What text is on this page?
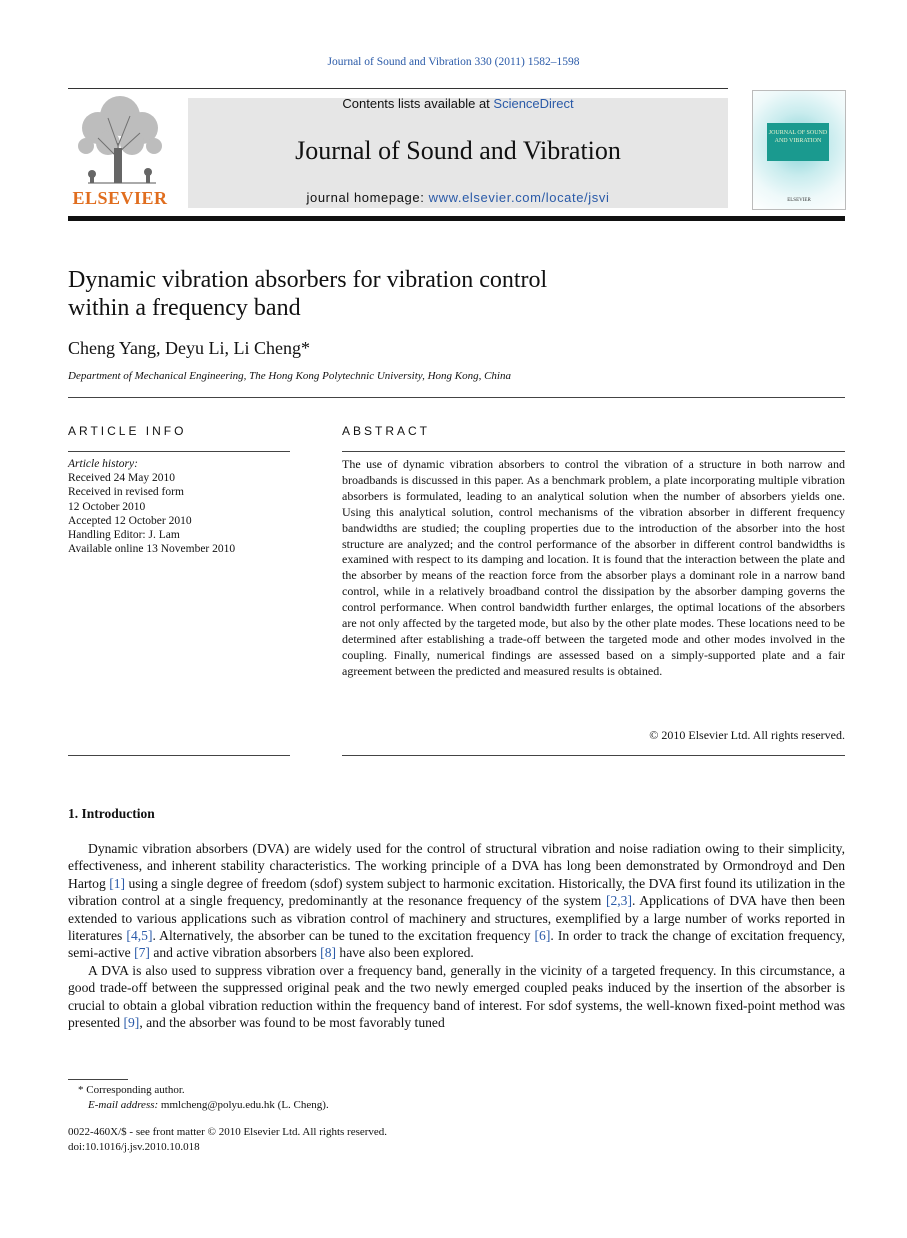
Journal of Sound and Vibration 330 (2011) 1582–1598
ELSEVIER
Contents lists available at ScienceDirect
Journal of Sound and Vibration
journal homepage: www.elsevier.com/locate/jsvi
JOURNAL OF SOUND AND VIBRATION
ELSEVIER
Dynamic vibration absorbers for vibration control
within a frequency band
Cheng Yang, Deyu Li, Li Cheng*
Department of Mechanical Engineering, The Hong Kong Polytechnic University, Hong Kong, China
ARTICLE INFO	ABSTRACT
Article history:
Received 24 May 2010
Received in revised form
12 October 2010
Accepted 12 October 2010
Handling Editor: J. Lam
Available online 13 November 2010
The use of dynamic vibration absorbers to control the vibration of a structure in both narrow and broadbands is discussed in this paper. As a benchmark problem, a plate incorporating multiple vibration absorbers is formulated, leading to an analytical solution when the number of absorbers yields one. Using this analytical solution, control mechanisms of the vibration absorber in different frequency bandwidths are studied; the coupling properties due to the introduction of the absorber into the host structure are analyzed; and the control performance of the absorber in different control bandwidths is examined with respect to its damping and location. It is found that the interaction between the plate and the absorber by means of the reaction force from the absorber plays a dominant role in a narrow band control, while in a relatively broadband control the dissipation by the absorber damping governs the control performance. When control bandwidth further enlarges, the optimal locations of the absorbers are not only affected by the targeted mode, but also by the other plate modes. These locations need to be determined after establishing a trade-off between the targeted mode and other modes involved in the coupling. Finally, numerical findings are assessed based on a simply-supported plate and a fair agreement between the predicted and measured results is obtained.
© 2010 Elsevier Ltd. All rights reserved.
1. Introduction

Dynamic vibration absorbers (DVA) are widely used for the control of structural vibration and noise radiation owing to their simplicity, effectiveness, and inherent stability characteristics. The working principle of a DVA has long been demonstrated by Ormondroyd and Den Hartog [1] using a single degree of freedom (sdof) system subject to harmonic excitation. Historically, the DVA first found its utilization in the vibration control at a single frequency, predominantly at the resonance frequency of the system [2,3]. Applications of DVA have then been extended to various applications such as vibration control of machinery and structures, exemplified by a large number of works reported in literatures [4,5]. Alternatively, the absorber can be tuned to the excitation frequency [6]. In order to track the change of excitation frequency, semi-active [7] and active vibration absorbers [8] have also been explored.

A DVA is also used to suppress vibration over a frequency band, generally in the vicinity of a targeted frequency. In this circumstance, a good trade-off between the suppressed original peak and the two newly emerged coupled peaks induced by the insertion of the absorber is crucial to obtain a global vibration reduction within the frequency band of interest. For sdof systems, the well-known fixed-point method was presented [9], and the absorber was found to be most favorably tuned

* Corresponding author.
E-mail address: mmlcheng@polyu.edu.hk (L. Cheng).
0022-460X/$ - see front matter © 2010 Elsevier Ltd. All rights reserved.
doi:10.1016/j.jsv.2010.10.018
